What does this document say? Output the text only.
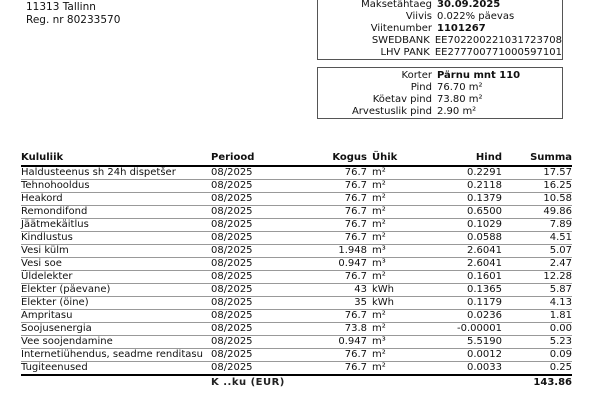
11313 Tallinn
Reg. nr 80233570
Maksetähtaeg 30.09.2025
Viivis 0.022% päevas
Viitenumber 1101267
SWEDBANK EE702200221031723708
LHV PANK EE277700771000597101
Korter Pärnu mnt 110
Pind 76.70 m²
Köetav pind 73.80 m²
Arvestuslik pind 2.90 m²
Kululiik	Periood	Kogus	Ühik	Hind	Summa
Haldusteenus sh 24h dispetšer	08/2025	76.7	m²	0.2291	17.57
Tehnohooldus	08/2025	76.7	m²	0.2118	16.25
Heakord	08/2025	76.7	m²	0.1379	10.58
Remondifond	08/2025	76.7	m²	0.6500	49.86
Jäätmekäitlus	08/2025	76.7	m²	0.1029	7.89
Kindlustus	08/2025	76.7	m²	0.0588	4.51
Vesi külm	08/2025	1.948	m³	2.6041	5.07
Vesi soe	08/2025	0.947	m³	2.6041	2.47
Üldelekter	08/2025	76.7	m²	0.1601	12.28
Elekter (päevane)	08/2025	43	kWh	0.1365	5.87
Elekter (öine)	08/2025	35	kWh	0.1179	4.13
Ampritasu	08/2025	76.7	m²	0.0236	1.81
Soojusenergia	08/2025	73.8	m²	-0.00001	0.00
Vee soojendamine	08/2025	0.947	m³	5.5190	5.23
Internetiühendus, seadme renditasu	08/2025	76.7	m²	0.0012	0.09
Tugiteenused	08/2025	76.7	m²	0.0033	0.25
	K ..ku (EUR)				143.86
